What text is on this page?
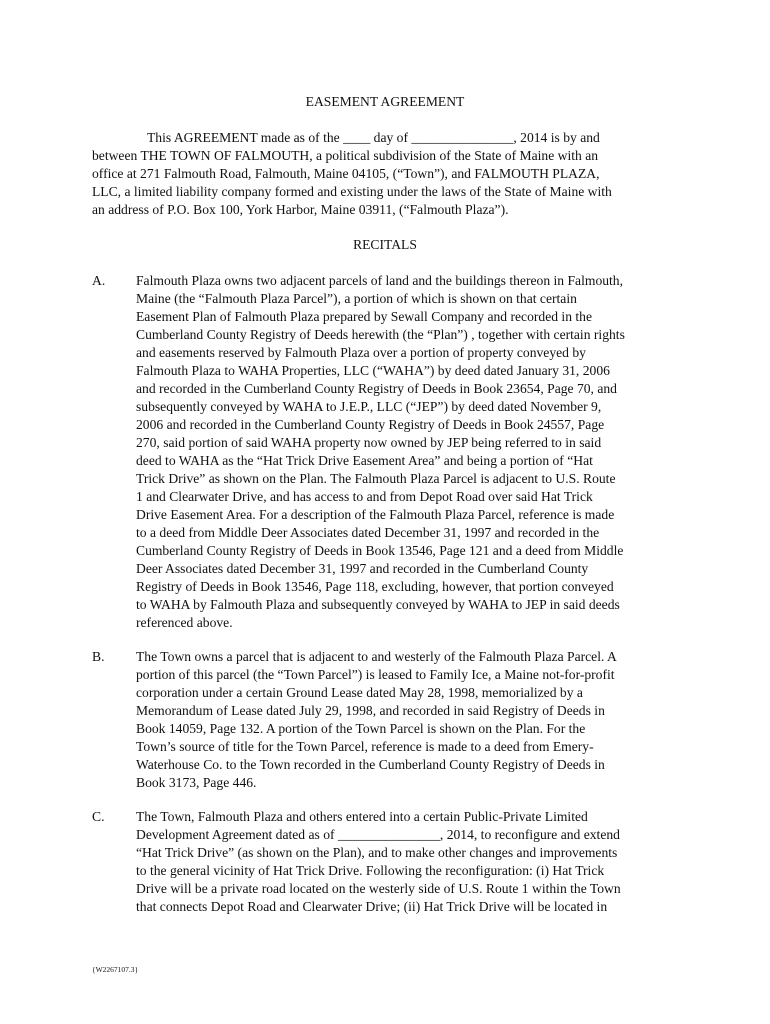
EASEMENT AGREEMENT
This AGREEMENT made as of the ____ day of _______________, 2014 is by and
between THE TOWN OF FALMOUTH, a political subdivision of the State of Maine with an
office at 271 Falmouth Road, Falmouth, Maine 04105, (“Town”), and FALMOUTH PLAZA,
LLC, a limited liability company formed and existing under the laws of the State of Maine with
an address of P.O. Box 100, York Harbor, Maine 03911, (“Falmouth Plaza”).
RECITALS
A. Falmouth Plaza owns two adjacent parcels of land and the buildings thereon in Falmouth,
Maine (the “Falmouth Plaza Parcel”), a portion of which is shown on that certain
Easement Plan of Falmouth Plaza prepared by Sewall Company and recorded in the
Cumberland County Registry of Deeds herewith (the “Plan”) , together with certain rights
and easements reserved by Falmouth Plaza over a portion of property conveyed by
Falmouth Plaza to WAHA Properties, LLC (“WAHA”) by deed dated January 31, 2006
and recorded in the Cumberland County Registry of Deeds in Book 23654, Page 70, and
subsequently conveyed by WAHA to J.E.P., LLC (“JEP”) by deed dated November 9,
2006 and recorded in the Cumberland County Registry of Deeds in Book 24557, Page
270, said portion of said WAHA property now owned by JEP being referred to in said
deed to WAHA as the “Hat Trick Drive Easement Area” and being a portion of “Hat
Trick Drive” as shown on the Plan. The Falmouth Plaza Parcel is adjacent to U.S. Route
1 and Clearwater Drive, and has access to and from Depot Road over said Hat Trick
Drive Easement Area. For a description of the Falmouth Plaza Parcel, reference is made
to a deed from Middle Deer Associates dated December 31, 1997 and recorded in the
Cumberland County Registry of Deeds in Book 13546, Page 121 and a deed from Middle
Deer Associates dated December 31, 1997 and recorded in the Cumberland County
Registry of Deeds in Book 13546, Page 118, excluding, however, that portion conveyed
to WAHA by Falmouth Plaza and subsequently conveyed by WAHA to JEP in said deeds
referenced above.
B. The Town owns a parcel that is adjacent to and westerly of the Falmouth Plaza Parcel. A
portion of this parcel (the “Town Parcel”) is leased to Family Ice, a Maine not-for-profit
corporation under a certain Ground Lease dated May 28, 1998, memorialized by a
Memorandum of Lease dated July 29, 1998, and recorded in said Registry of Deeds in
Book 14059, Page 132. A portion of the Town Parcel is shown on the Plan. For the
Town’s source of title for the Town Parcel, reference is made to a deed from Emery-
Waterhouse Co. to the Town recorded in the Cumberland County Registry of Deeds in
Book 3173, Page 446.
C. The Town, Falmouth Plaza and others entered into a certain Public-Private Limited
Development Agreement dated as of _______________, 2014, to reconfigure and extend
“Hat Trick Drive” (as shown on the Plan), and to make other changes and improvements
to the general vicinity of Hat Trick Drive. Following the reconfiguration: (i) Hat Trick
Drive will be a private road located on the westerly side of U.S. Route 1 within the Town
that connects Depot Road and Clearwater Drive; (ii) Hat Trick Drive will be located in
{W2267107.3}
